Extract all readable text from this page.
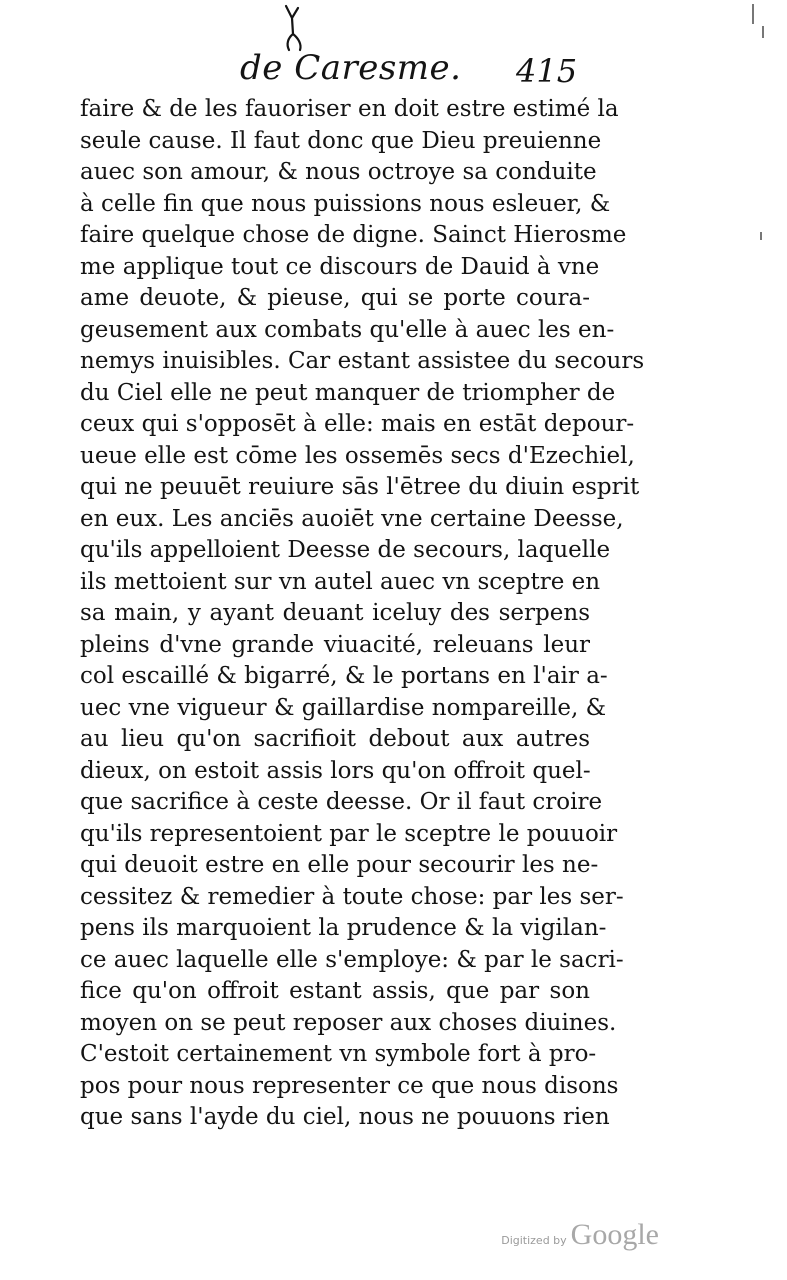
de Caresme. 415
faire & de les fauoriser en doit estre estimé la
seule cause. Il faut donc que Dieu preuienne
auec son amour, & nous octroye sa conduite
à celle fin que nous puissions nous esleuer, &
faire quelque chose de digne. Sainct Hierosme
me applique tout ce discours de Dauid à vne
ame deuote, & pieuse, qui se porte coura-
geusement aux combats qu'elle à auec les en-
nemys inuisibles. Car estant assistee du secours
du Ciel elle ne peut manquer de triompher de
ceux qui s'opposēt à elle: mais en estāt depour-
ueue elle est cōme les ossemēs secs d'Ezechiel,
qui ne peuuēt reuiure sās l'ētree du diuin esprit
en eux. Les anciēs auoiēt vne certaine Deesse,
qu'ils appelloient Deesse de secours, laquelle
ils mettoient sur vn autel auec vn sceptre en
sa main, y ayant deuant iceluy des serpens
pleins d'vne grande viuacité, releuans leur
col escaillé & bigarré, & le portans en l'air a-
uec vne vigueur & gaillardise nompareille, &
au lieu qu'on sacrifioit debout aux autres
dieux, on estoit assis lors qu'on offroit quel-
que sacrifice à ceste deesse. Or il faut croire
qu'ils representoient par le sceptre le pouuoir
qui deuoit estre en elle pour secourir les ne-
cessitez & remedier à toute chose: par les ser-
pens ils marquoient la prudence & la vigilan-
ce auec laquelle elle s'employe: & par le sacri-
fice qu'on offroit estant assis, que par son
moyen on se peut reposer aux choses diuines.
C'estoit certainement vn symbole fort à pro-
pos pour nous representer ce que nous disons
que sans l'ayde du ciel, nous ne pouuons rien
Digitized by Google
